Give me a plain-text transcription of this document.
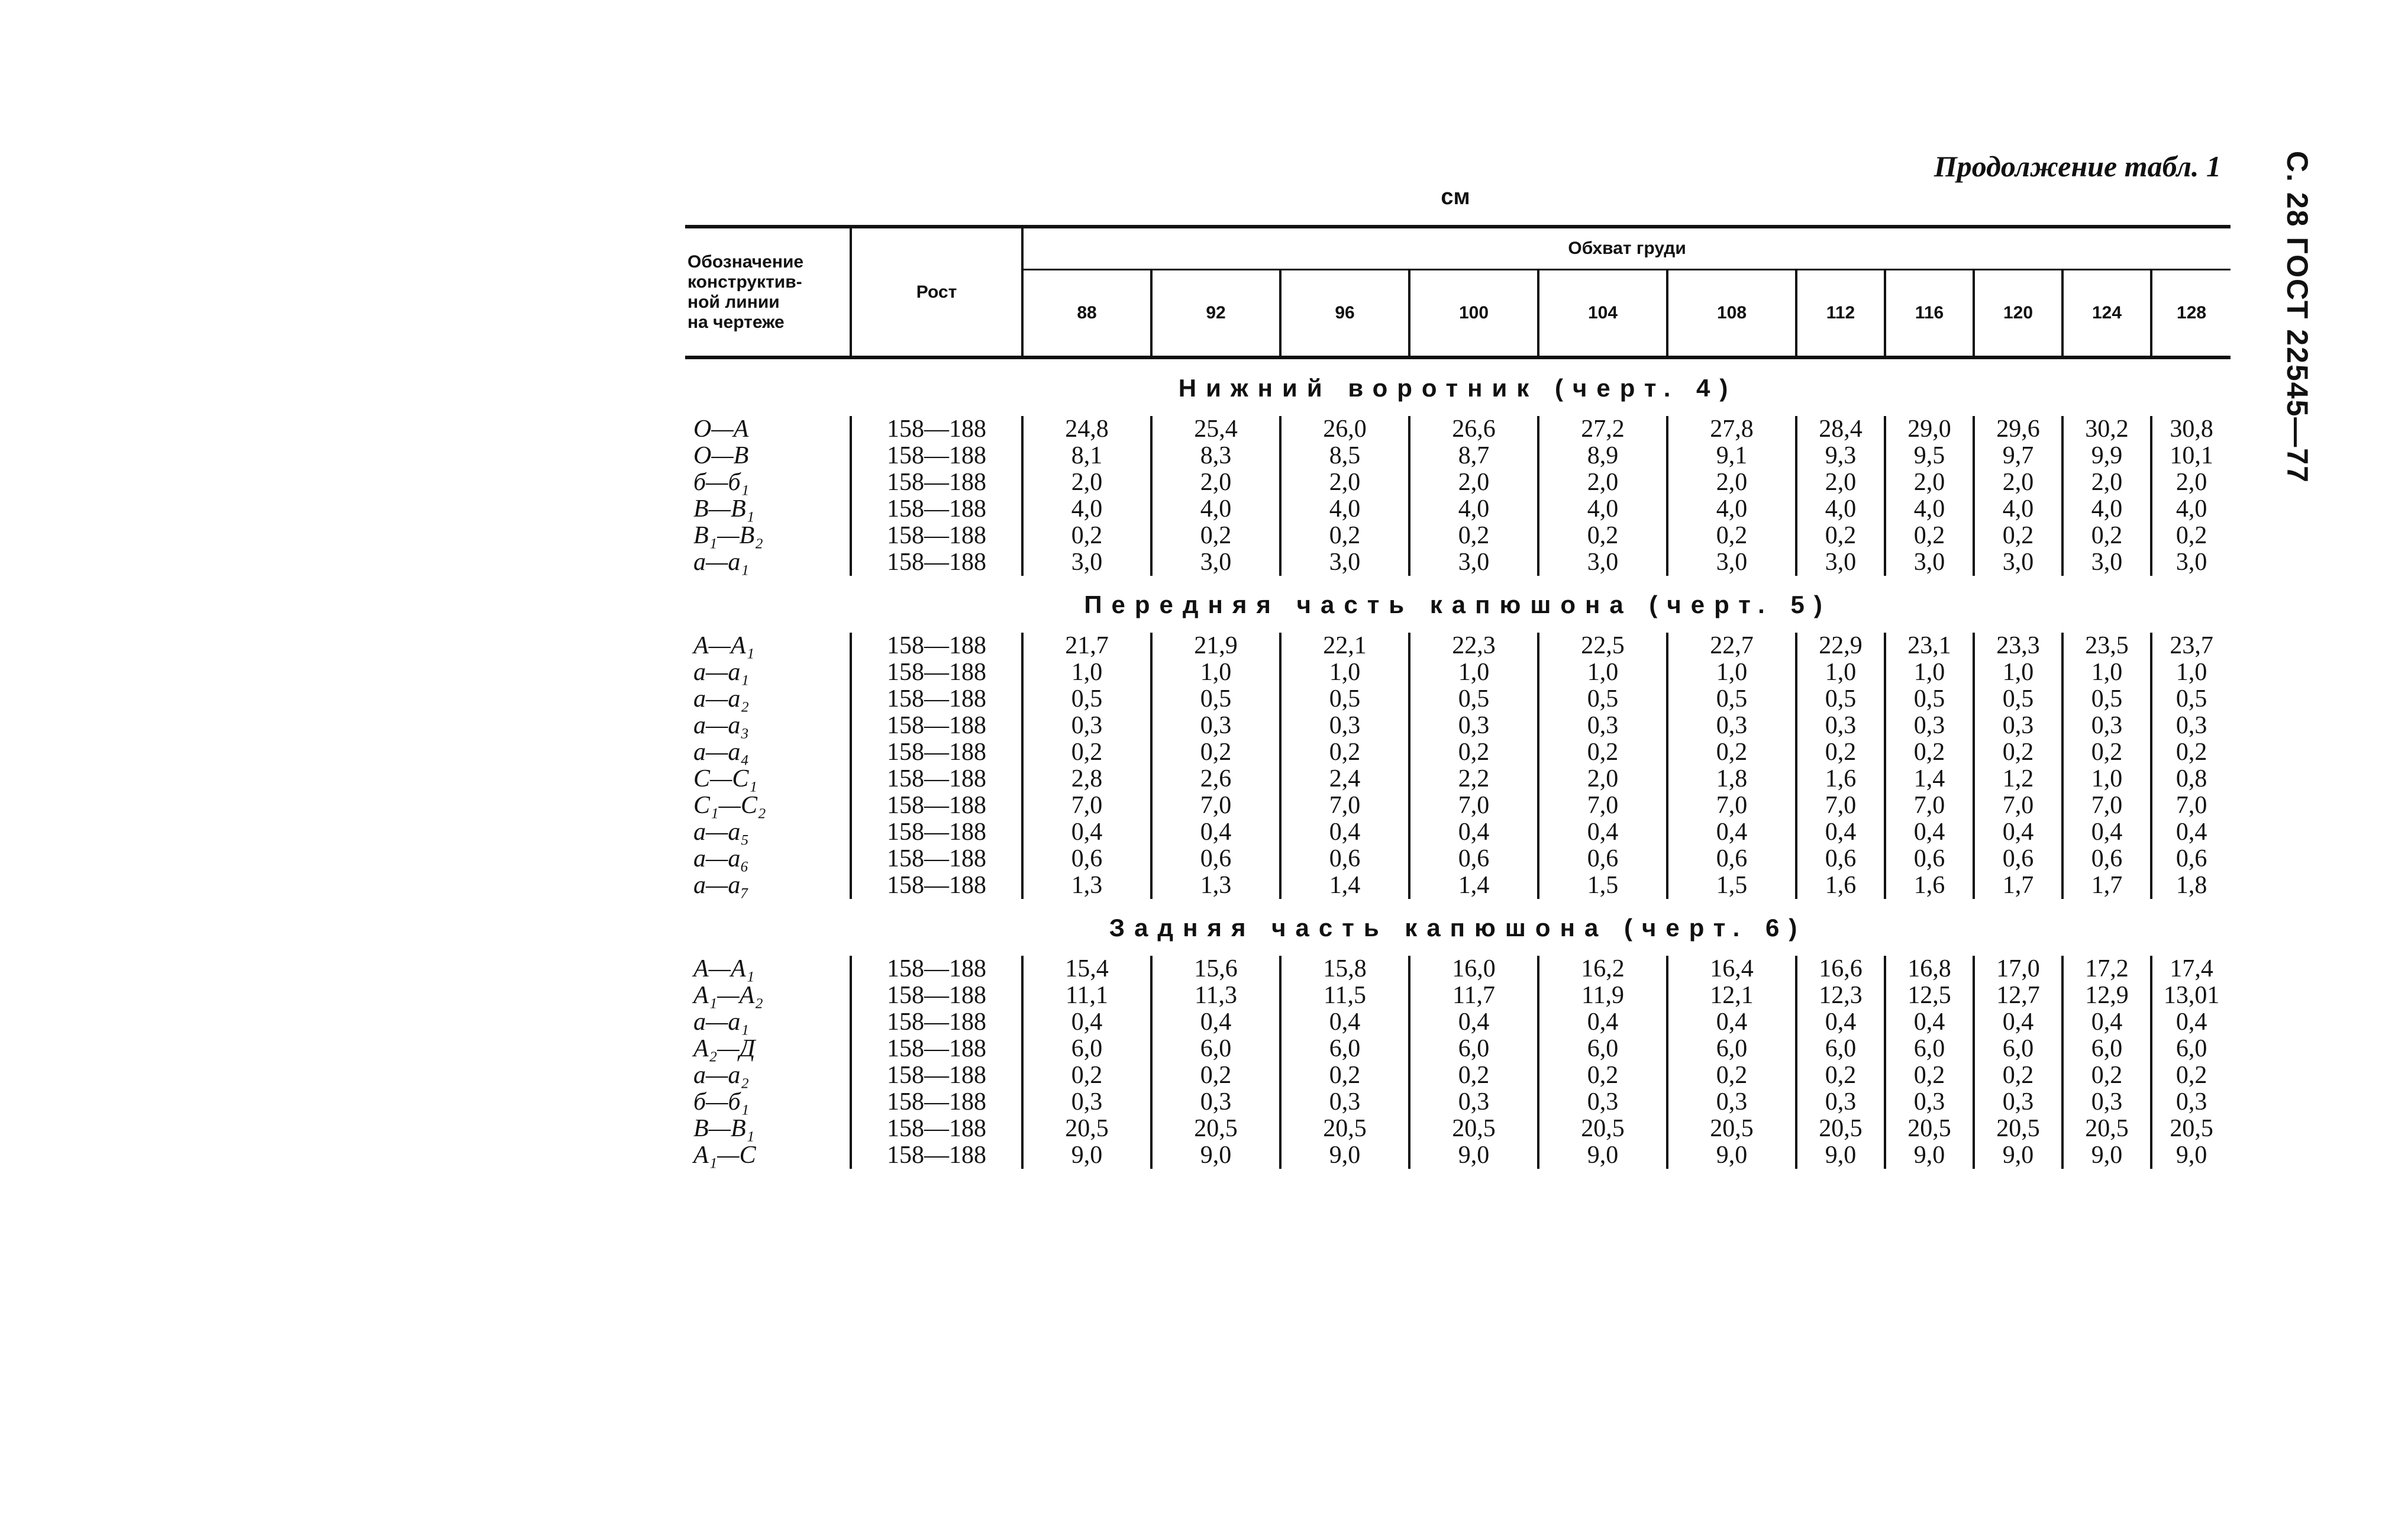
С. 28 ГОСТ 22545—77
Продолжение табл. 1
см
Обозначение
конструктив-
ной линии
на чертеже	Рост	Обхват груди										
		88	92	96	100	104	108	112	116	120	124	128
Нижний воротник (черт. 4)												
О—А	158—188	24,8	25,4	26,0	26,6	27,2	27,8	28,4	29,0	29,6	30,2	30,8
О—В	158—188	8,1	8,3	8,5	8,7	8,9	9,1	9,3	9,5	9,7	9,9	10,1
б—б₁	158—188	2,0	2,0	2,0	2,0	2,0	2,0	2,0	2,0	2,0	2,0	2,0
В—В₁	158—188	4,0	4,0	4,0	4,0	4,0	4,0	4,0	4,0	4,0	4,0	4,0
В₁—В₂	158—188	0,2	0,2	0,2	0,2	0,2	0,2	0,2	0,2	0,2	0,2	0,2
а—а₁	158—188	3,0	3,0	3,0	3,0	3,0	3,0	3,0	3,0	3,0	3,0	3,0
Передняя часть капюшона (черт. 5)												
А—А₁	158—188	21,7	21,9	22,1	22,3	22,5	22,7	22,9	23,1	23,3	23,5	23,7
а—а₁	158—188	1,0	1,0	1,0	1,0	1,0	1,0	1,0	1,0	1,0	1,0	1,0
а—а₂	158—188	0,5	0,5	0,5	0,5	0,5	0,5	0,5	0,5	0,5	0,5	0,5
а—а₃	158—188	0,3	0,3	0,3	0,3	0,3	0,3	0,3	0,3	0,3	0,3	0,3
а—а₄	158—188	0,2	0,2	0,2	0,2	0,2	0,2	0,2	0,2	0,2	0,2	0,2
С—С₁	158—188	2,8	2,6	2,4	2,2	2,0	1,8	1,6	1,4	1,2	1,0	0,8
С₁—С₂	158—188	7,0	7,0	7,0	7,0	7,0	7,0	7,0	7,0	7,0	7,0	7,0
а—а₅	158—188	0,4	0,4	0,4	0,4	0,4	0,4	0,4	0,4	0,4	0,4	0,4
а—а₆	158—188	0,6	0,6	0,6	0,6	0,6	0,6	0,6	0,6	0,6	0,6	0,6
а—а₇	158—188	1,3	1,3	1,4	1,4	1,5	1,5	1,6	1,6	1,7	1,7	1,8
Задняя часть капюшона (черт. 6)												
А—А₁	158—188	15,4	15,6	15,8	16,0	16,2	16,4	16,6	16,8	17,0	17,2	17,4
А₁—А₂	158—188	11,1	11,3	11,5	11,7	11,9	12,1	12,3	12,5	12,7	12,9	13,01
а—а₁	158—188	0,4	0,4	0,4	0,4	0,4	0,4	0,4	0,4	0,4	0,4	0,4
А₂—Д	158—188	6,0	6,0	6,0	6,0	6,0	6,0	6,0	6,0	6,0	6,0	6,0
а—а₂	158—188	0,2	0,2	0,2	0,2	0,2	0,2	0,2	0,2	0,2	0,2	0,2
б—б₁	158—188	0,3	0,3	0,3	0,3	0,3	0,3	0,3	0,3	0,3	0,3	0,3
В—В₁	158—188	20,5	20,5	20,5	20,5	20,5	20,5	20,5	20,5	20,5	20,5	20,5
А₁—С	158—188	9,0	9,0	9,0	9,0	9,0	9,0	9,0	9,0	9,0	9,0	9,0
